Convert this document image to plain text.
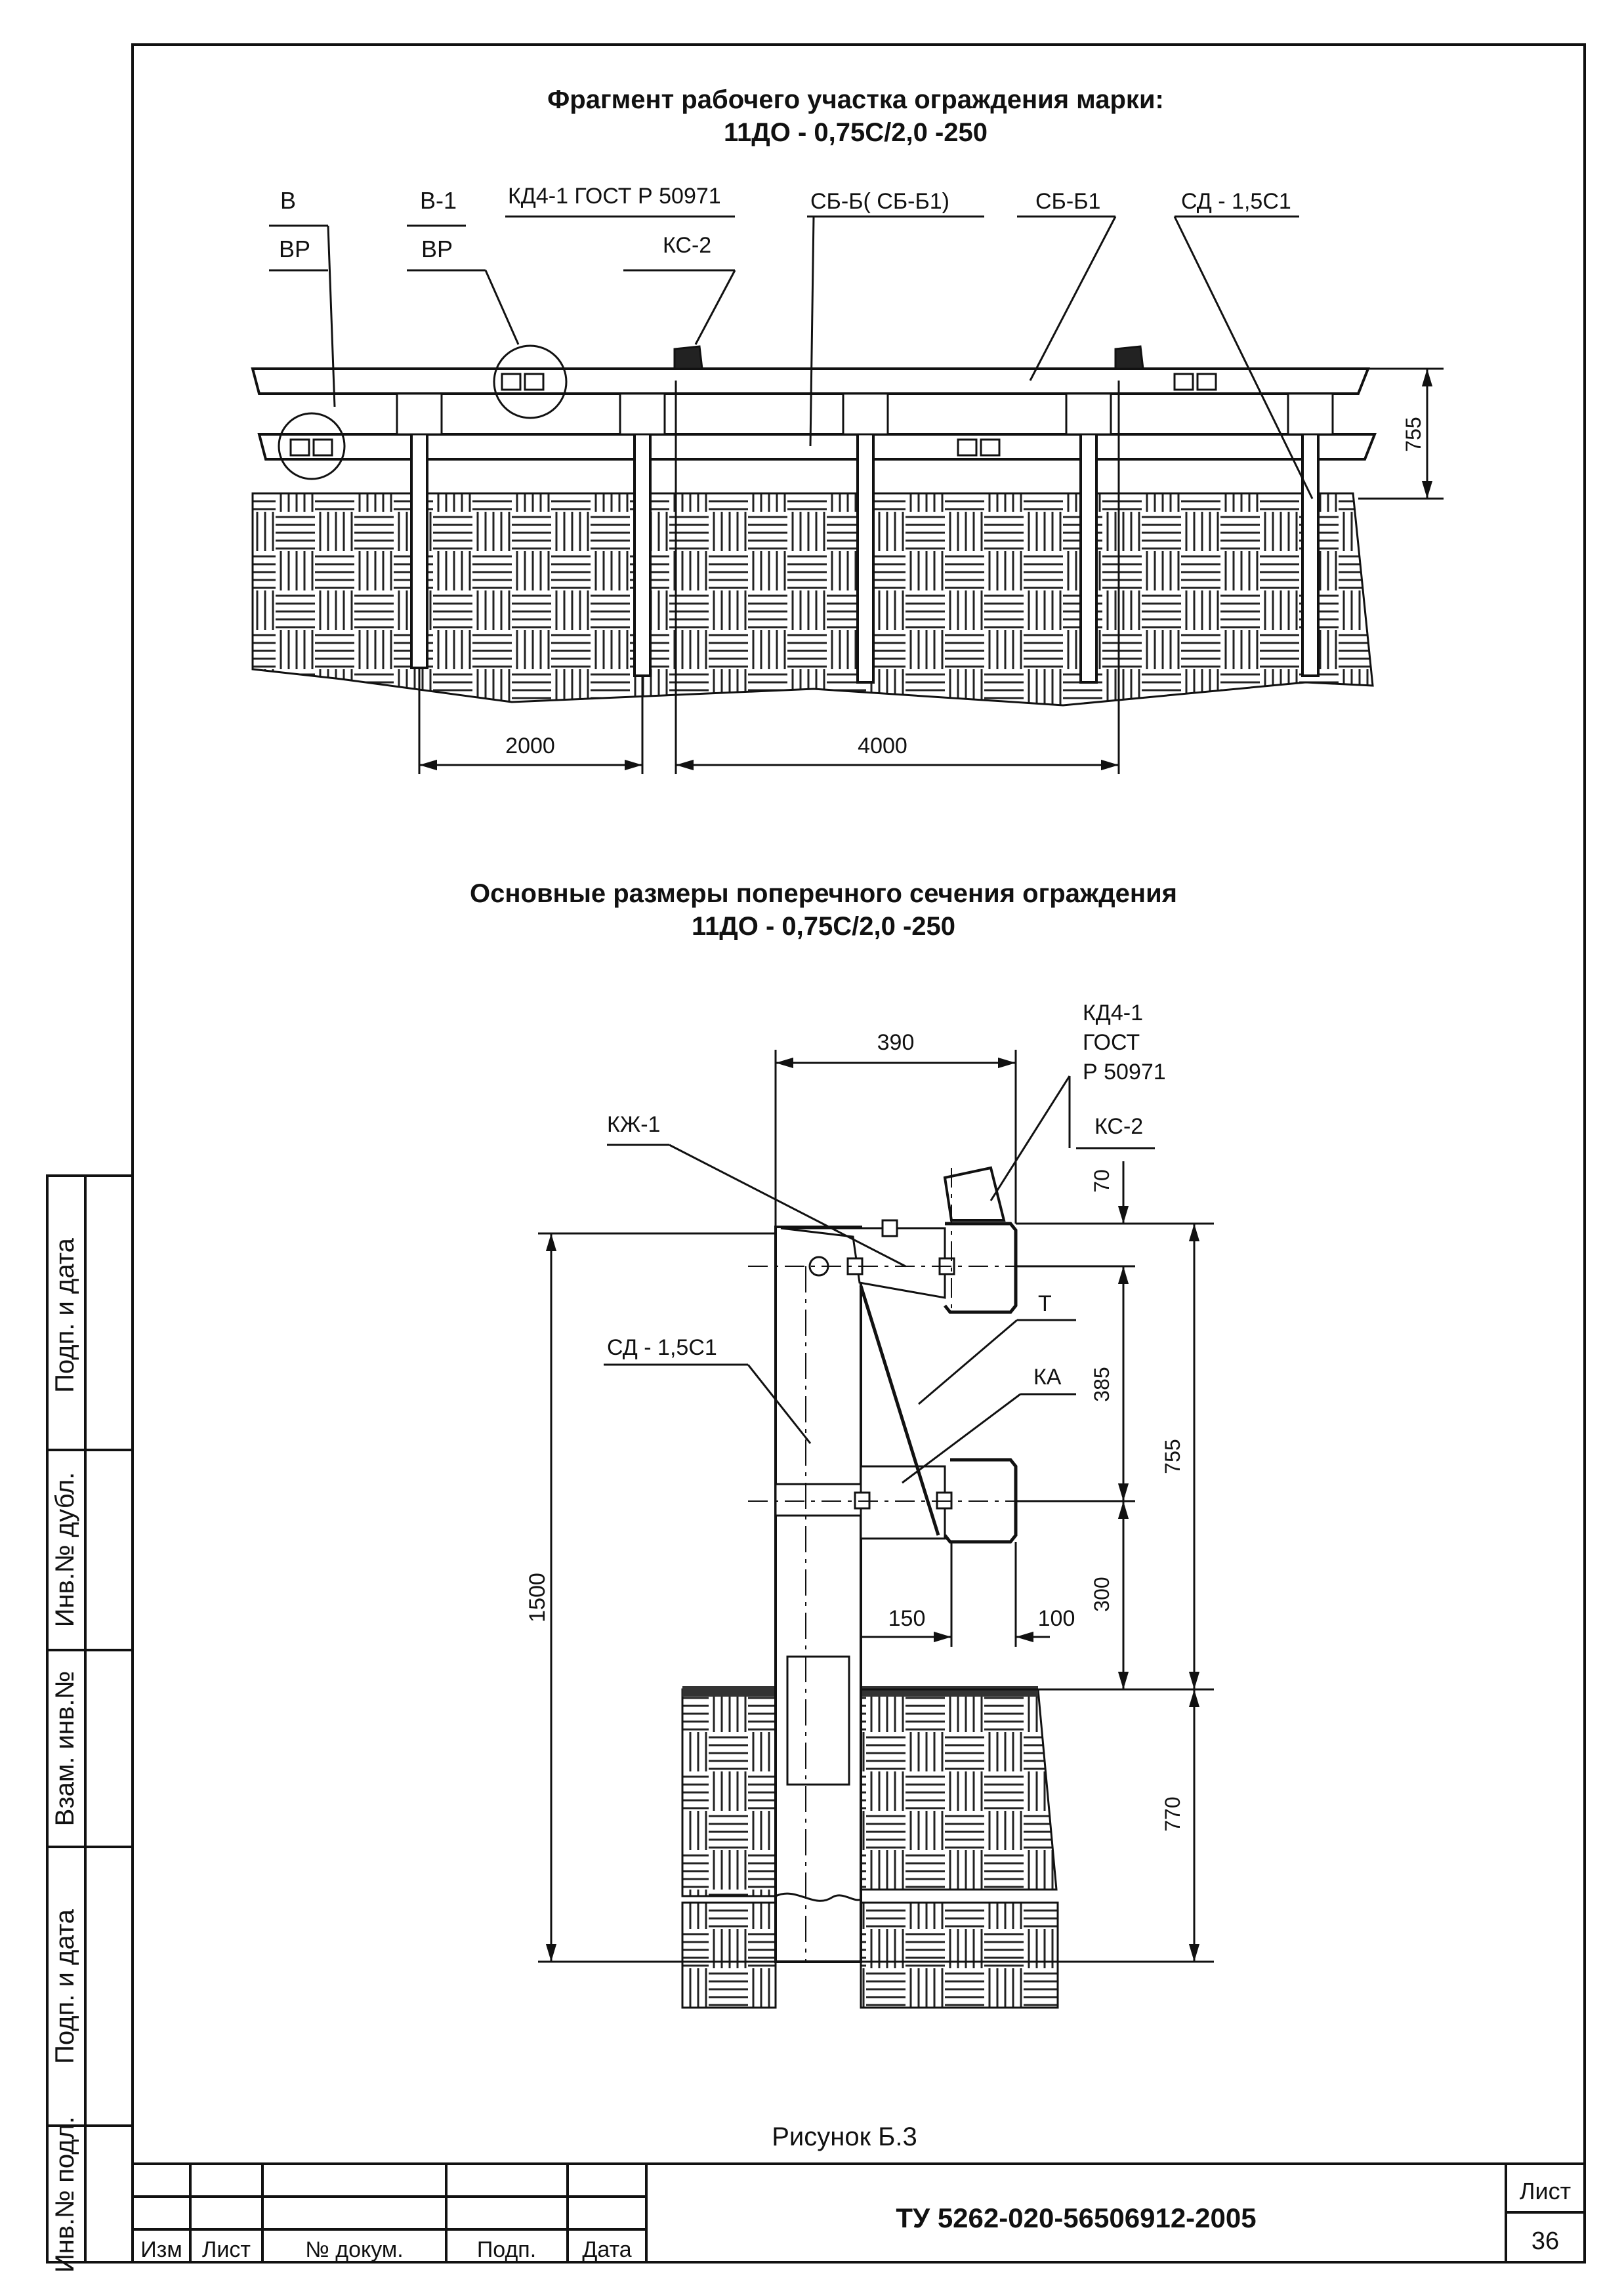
Фрагмент рабочего участка ограждения марки:
11ДО - 0,75С/2,0 -250
В
ВР
В-1
ВР
КД4-1 ГОСТ Р 50971
КС-2
СБ-Б( СБ-Б1)	СБ-Б1	СД - 1,5С1
755
2000	4000
Основные размеры поперечного сечения ограждения
11ДО - 0,75С/2,0 -250
КД4-1
ГОСТ
Р 50971
КС-2
КЖ-1
СД - 1,5С1
Т
КА
390
70
385
755
1500	300
150	100
770
Рисунок Б.3
Подп. и дата
Инв.№ дубл.
Взам. инв.№
Подп. и дата
Инв.№ подл.	Изм Лист № докум.	Подп. Дата
ТУ 5262-020-56506912-2005
Лист
36
